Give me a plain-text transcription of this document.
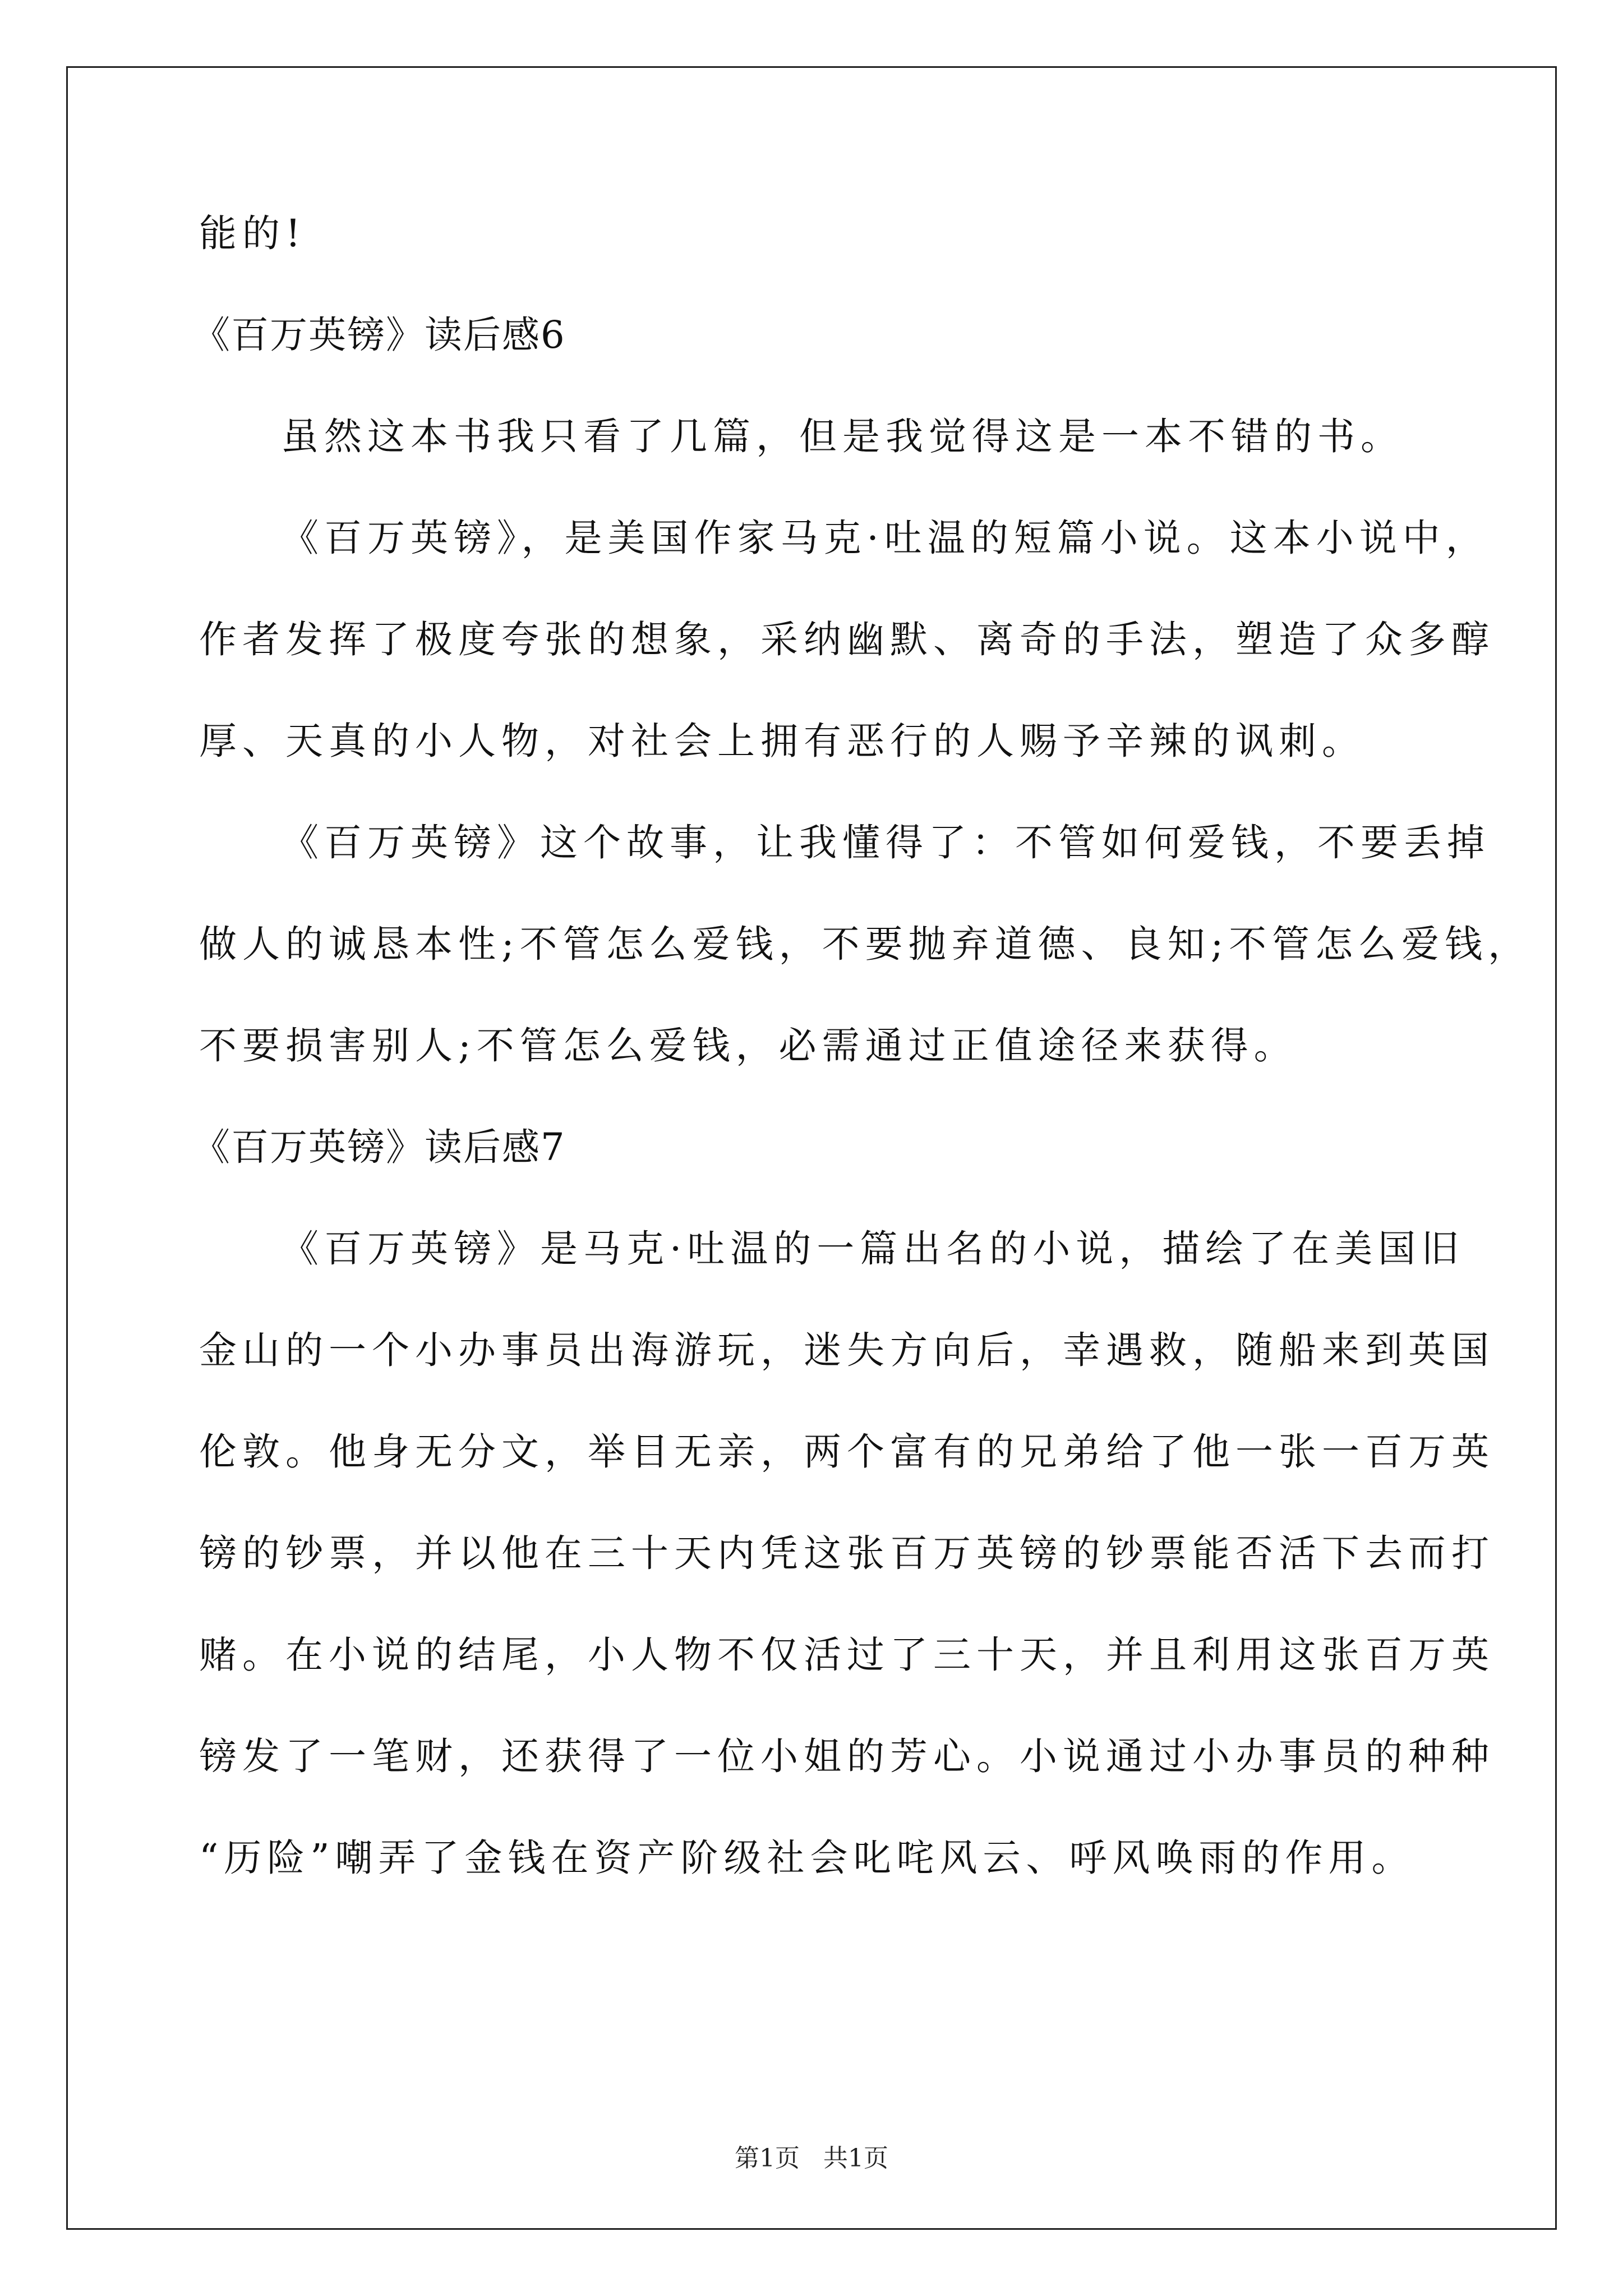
能的!
《百万英镑》读后感6
虽然这本书我只看了几篇，但是我觉得这是一本不错的书。
《百万英镑》，是美国作家马克·吐温的短篇小说。这本小说中，
作者发挥了极度夸张的想象，采纳幽默、离奇的手法，塑造了众多醇
厚、天真的小人物，对社会上拥有恶行的人赐予辛辣的讽刺。
《百万英镑》这个故事，让我懂得了：不管如何爱钱，不要丢掉
做人的诚恳本性;不管怎么爱钱，不要抛弃道德、良知;不管怎么爱钱，
不要损害别人;不管怎么爱钱，必需通过正值途径来获得。
《百万英镑》读后感7
《百万英镑》是马克·吐温的一篇出名的小说，描绘了在美国旧
金山的一个小办事员出海游玩，迷失方向后，幸遇救，随船来到英国
伦敦。他身无分文，举目无亲，两个富有的兄弟给了他一张一百万英
镑的钞票，并以他在三十天内凭这张百万英镑的钞票能否活下去而打
赌。在小说的结尾，小人物不仅活过了三十天，并且利用这张百万英
镑发了一笔财，还获得了一位小姐的芳心。小说通过小办事员的种种
“历险”嘲弄了金钱在资产阶级社会叱咤风云、呼风唤雨的作用。
第1页 共1页
